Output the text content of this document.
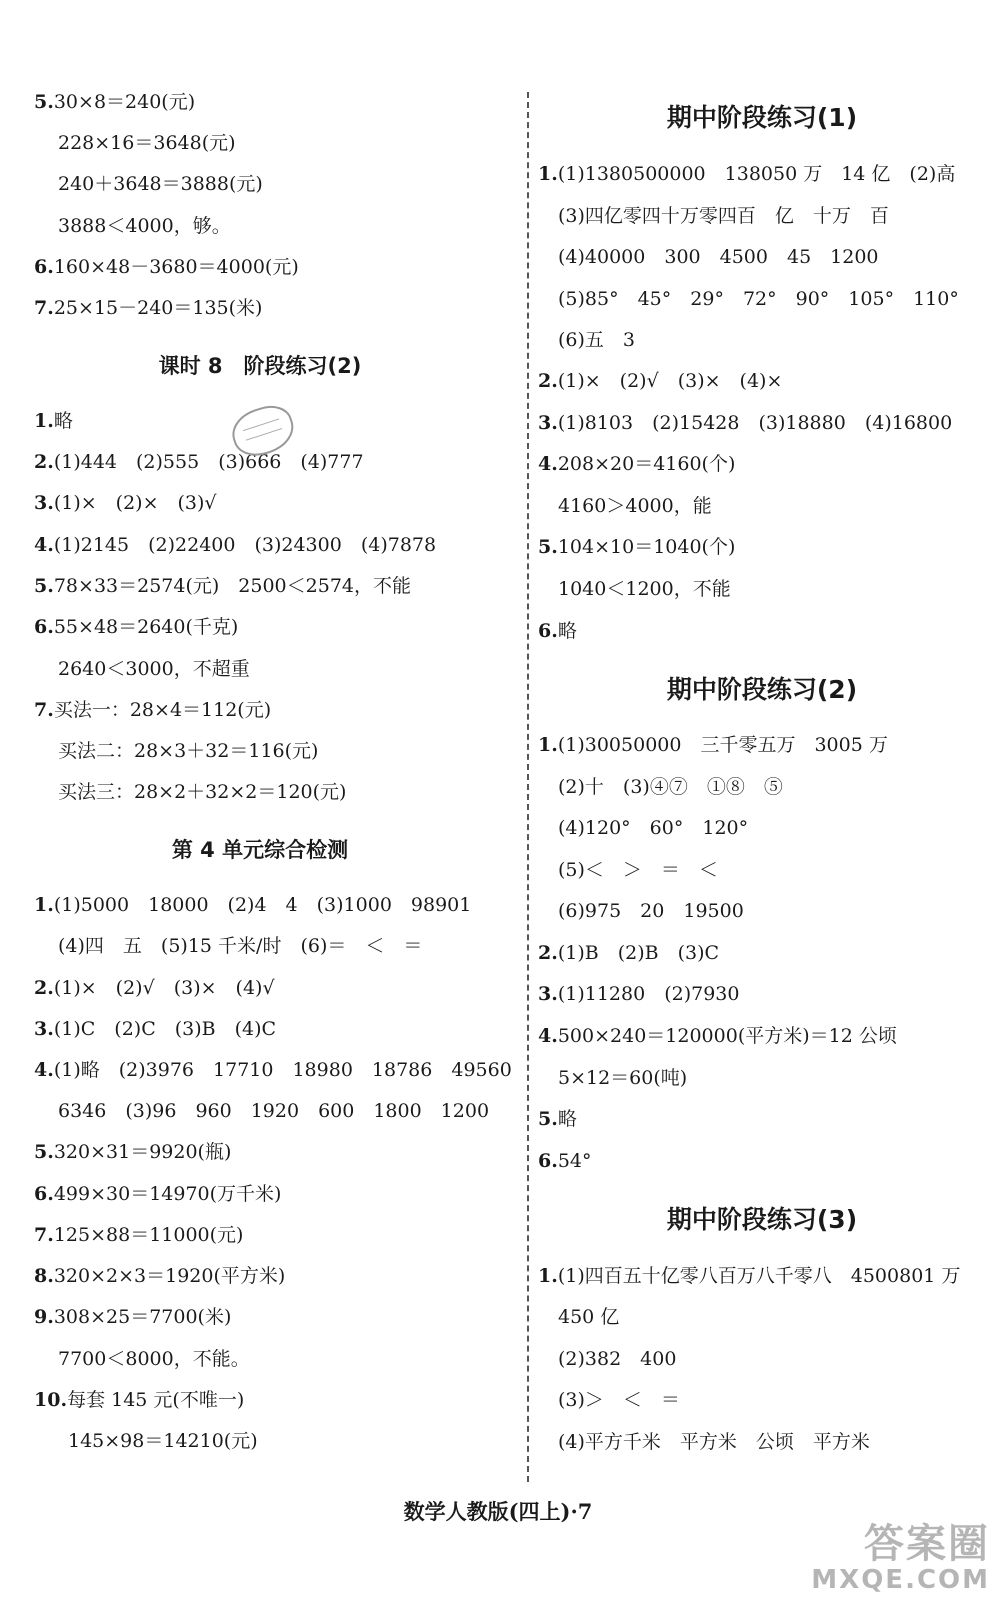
课时 8　阶段练习(2)
第 4 单元综合检测
5.30×8＝240(元)
228×16＝3648(元)
240＋3648＝3888(元)
3888＜4000，够。
6.160×48－3680＝4000(元)
7.25×15－240＝135(米)
1.略
2.(1)444　(2)555　(3)666　(4)777
3.(1)×　(2)×　(3)√
4.(1)2145　(2)22400　(3)24300　(4)7878
5.78×33＝2574(元)　2500＜2574，不能
6.55×48＝2640(千克)
2640＜3000，不超重
7.买法一：28×4＝112(元)
买法二：28×3＋32＝116(元)
买法三：28×2＋32×2＝120(元)
1.(1)5000　18000　(2)4　4　(3)1000　98901
(4)四　五　(5)15 千米/时　(6)＝　＜　＝
2.(1)×　(2)√　(3)×　(4)√
3.(1)C　(2)C　(3)B　(4)C
4.(1)略　(2)3976　17710　18980　18786　49560
6346　(3)96　960　1920　600　1800　1200
5.320×31＝9920(瓶)
6.499×30＝14970(万千米)
7.125×88＝11000(元)
8.320×2×3＝1920(平方米)
9.308×25＝7700(米)
7700＜8000，不能。
10.每套 145 元(不唯一)
145×98＝14210(元)
期中阶段练习(1)
期中阶段练习(2)
期中阶段练习(3)
1.(1)1380500000　138050 万　14 亿　(2)高
(3)四亿零四十万零四百　亿　十万　百
(4)40000　300　4500　45　1200
(5)85°　45°　29°　72°　90°　105°　110°
(6)五　3
2.(1)×　(2)√　(3)×　(4)×
3.(1)8103　(2)15428　(3)18880　(4)16800
4.208×20＝4160(个)
4160＞4000，能
5.104×10＝1040(个)
1040＜1200，不能
6.略
1.(1)30050000　三千零五万　3005 万
(2)十　(3)④⑦　①⑧　⑤
(4)120°　60°　120°
(5)＜　＞　＝　＜
(6)975　20　19500
2.(1)B　(2)B　(3)C
3.(1)11280　(2)7930
4.500×240＝120000(平方米)＝12 公顷
5×12＝60(吨)
5.略
6.54°
1.(1)四百五十亿零八百万八千零八　4500801 万
450 亿
(2)382　400
(3)＞　＜　＝
(4)平方千米　平方米　公顷　平方米
数学人教版(四上)·7
答案圈
MXQE.COM
